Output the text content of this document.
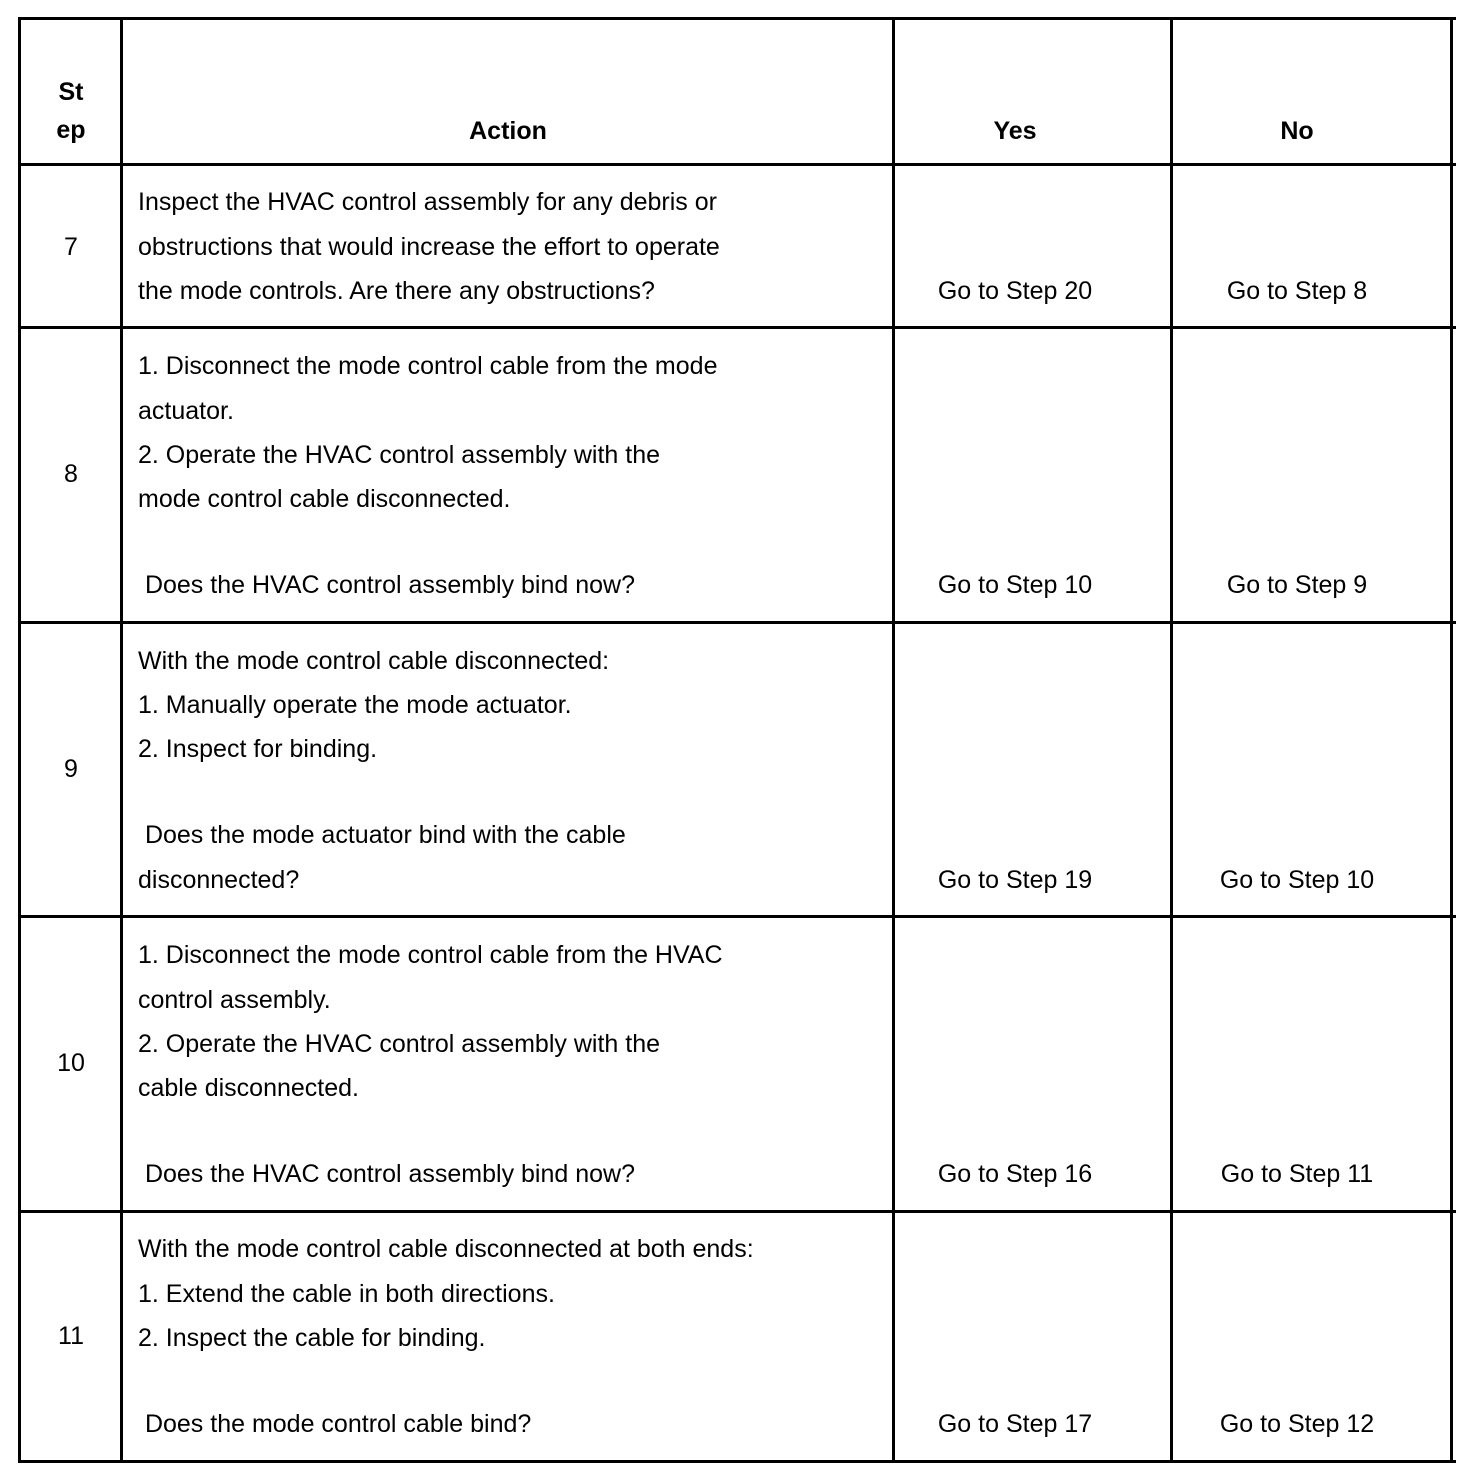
St
ep	Action	Yes	No
7
Inspect the HVAC control assembly for any debris or
obstructions that would increase the effort to operate
the mode controls. Are there any obstructions?	Go to Step 20	Go to Step 8
8
1. Disconnect the mode control cable from the mode
actuator.
2. Operate the HVAC control assembly with the
mode control cable disconnected.
Does the HVAC control assembly bind now?	Go to Step 10	Go to Step 9
9
With the mode control cable disconnected:
1. Manually operate the mode actuator.
2. Inspect for binding.
Does the mode actuator bind with the cable
disconnected?	Go to Step 19	Go to Step 10
10
1. Disconnect the mode control cable from the HVAC
control assembly.
2. Operate the HVAC control assembly with the
cable disconnected.
Does the HVAC control assembly bind now?	Go to Step 16	Go to Step 11
11
With the mode control cable disconnected at both ends:
1. Extend the cable in both directions.
2. Inspect the cable for binding.
Does the mode control cable bind?	Go to Step 17	Go to Step 12
